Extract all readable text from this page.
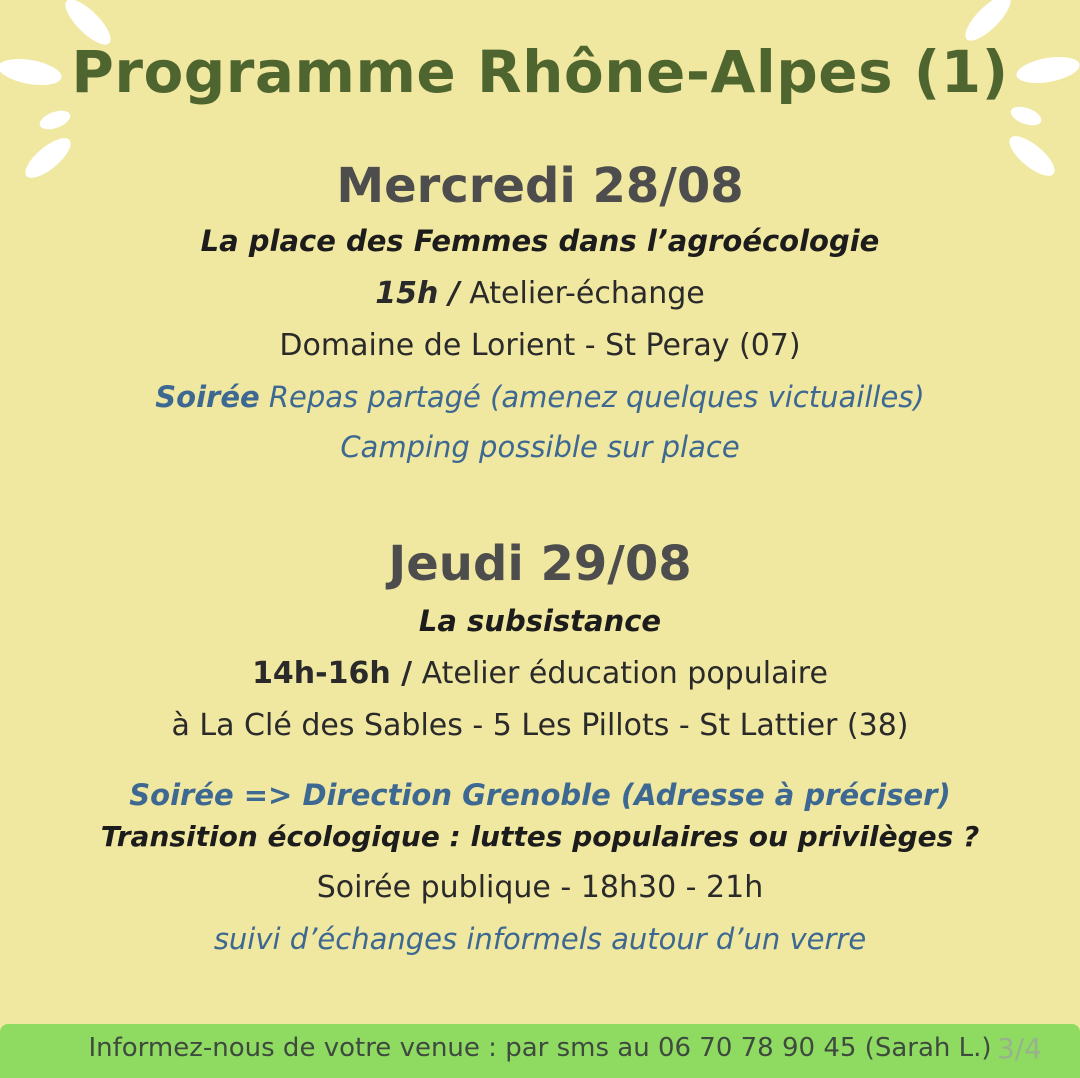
Programme Rhône-Alpes (1)
Mercredi 28/08

La place des Femmes dans l’agroécologie

15h / Atelier-échange

Domaine de Lorient - St Peray (07)

Soirée Repas partagé (amenez quelques victuailles)

Camping possible sur place

Jeudi 29/08

La subsistance

14h-16h / Atelier éducation populaire

à La Clé des Sables - 5 Les Pillots - St Lattier (38)

Soirée => Direction Grenoble (Adresse à préciser)

Transition écologique : luttes populaires ou privilèges ?

Soirée publique - 18h30 - 21h

suivi d’échanges informels autour d’un verre

Informez-nous de votre venue : par sms au 06 70 78 90 45 (Sarah L.) 3/4
